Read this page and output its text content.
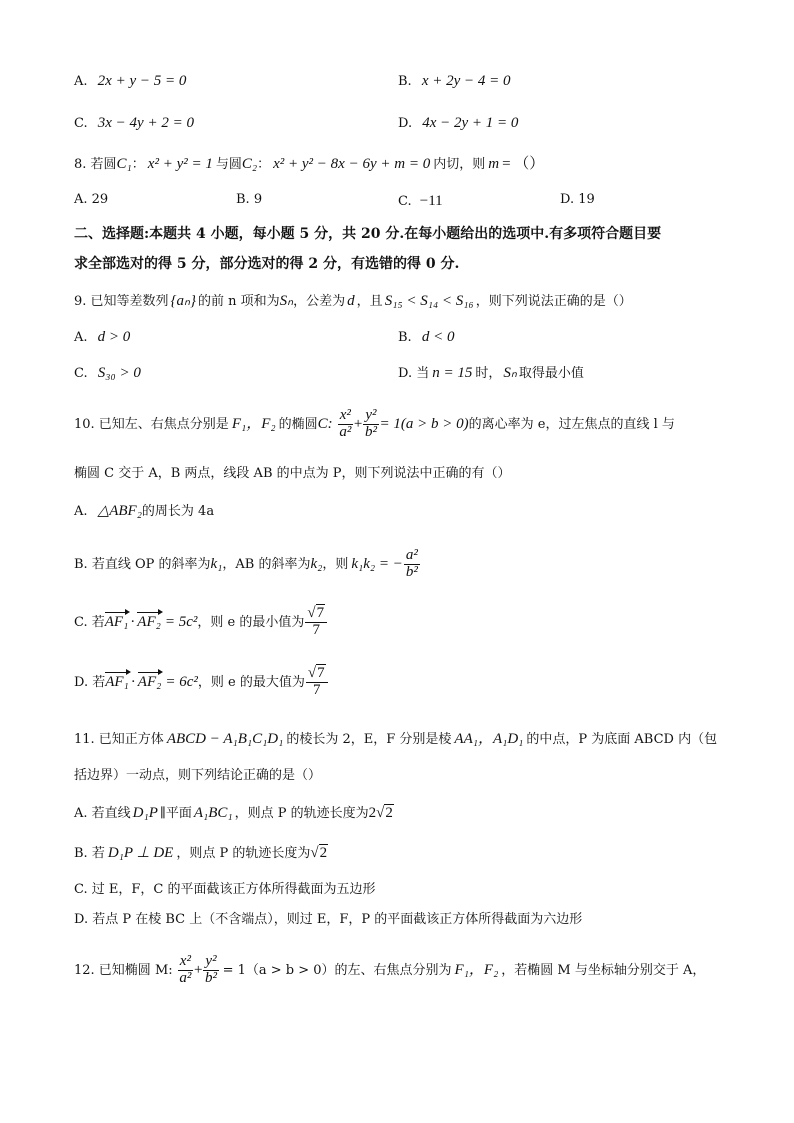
A. 2x + y − 5 = 0	B. x + 2y − 4 = 0
C. 3x − 4y + 2 = 0	D. 4x − 2y + 1 = 0
8. 若圆C₁： x² + y² = 1 与圆C₂： x² + y² − 8x − 6y + m = 0 内切，则 m = （）
A. 29	B. 9	C. −11	D. 19
二、选择题:本题共 4 小题，每小题 5 分，共 20 分.在每小题给出的选项中.有多项符合题目要
求全部选对的得 5 分，部分选对的得 2 分，有选错的得 0 分.
9. 已知等差数列 {aₙ} 的前 n 项和为Sₙ，公差为 d ，且 S₁₅ < S₁₄ < S₁₆ ，则下列说法正确的是（）
A. d > 0	B. d < 0
C. S₃₀ > 0	D. 当 n = 15 时， Sₙ 取得最小值
10. 已知左、右焦点分别是 F₁，F₂ 的椭圆C: $\frac{\text{x²}}{\text{a²}} + \frac{\text{y²}}{\text{b²}} = 1(a > b > 0)$的离心率为 e，过左焦点的直线 l 与
椭圆 C 交于 A，B 两点，线段 AB 的中点为 P，则下列说法中正确的有（）
A. △ABF₂的周长为 4a
B. 若直线 OP 的斜率为k₁，AB 的斜率为k₂，则 k₁k₂ = − $\frac{\text{a²}}{\text{b²}}$
C. 若AF₁ · AF₂ = 5c²，则 e 的最小值为 $\frac{√7}{7}$
D. 若AF₁ · AF₂ = 6c²，则 e 的最大值为 $\frac{√7}{7}$
11. 已知正方体 ABCD − A₁B₁C₁D₁ 的棱长为 2，E，F 分别是棱 AA₁，A₁D₁ 的中点，P 为底面 ABCD 内（包
括边界）一动点，则下列结论正确的是（）
A. 若直线 D₁P ∥平面 A₁BC₁ ，则点 P 的轨迹长度为2√2
B. 若 D₁P ⊥ DE ，则点 P 的轨迹长度为√2
C. 过 E，F，C 的平面截该正方体所得截面为五边形
D. 若点 P 在棱 BC 上（不含端点），则过 E，F，P 的平面截该正方体所得截面为六边形
12. 已知椭圆 M: $\frac{\text{x²}}{\text{a²}} + \frac{\text{y²}}{\text{b²}} = 1(a > b > 0)$的左、右焦点分别为 F₁，F₂ ，若椭圆 M 与坐标轴分别交于 A，
